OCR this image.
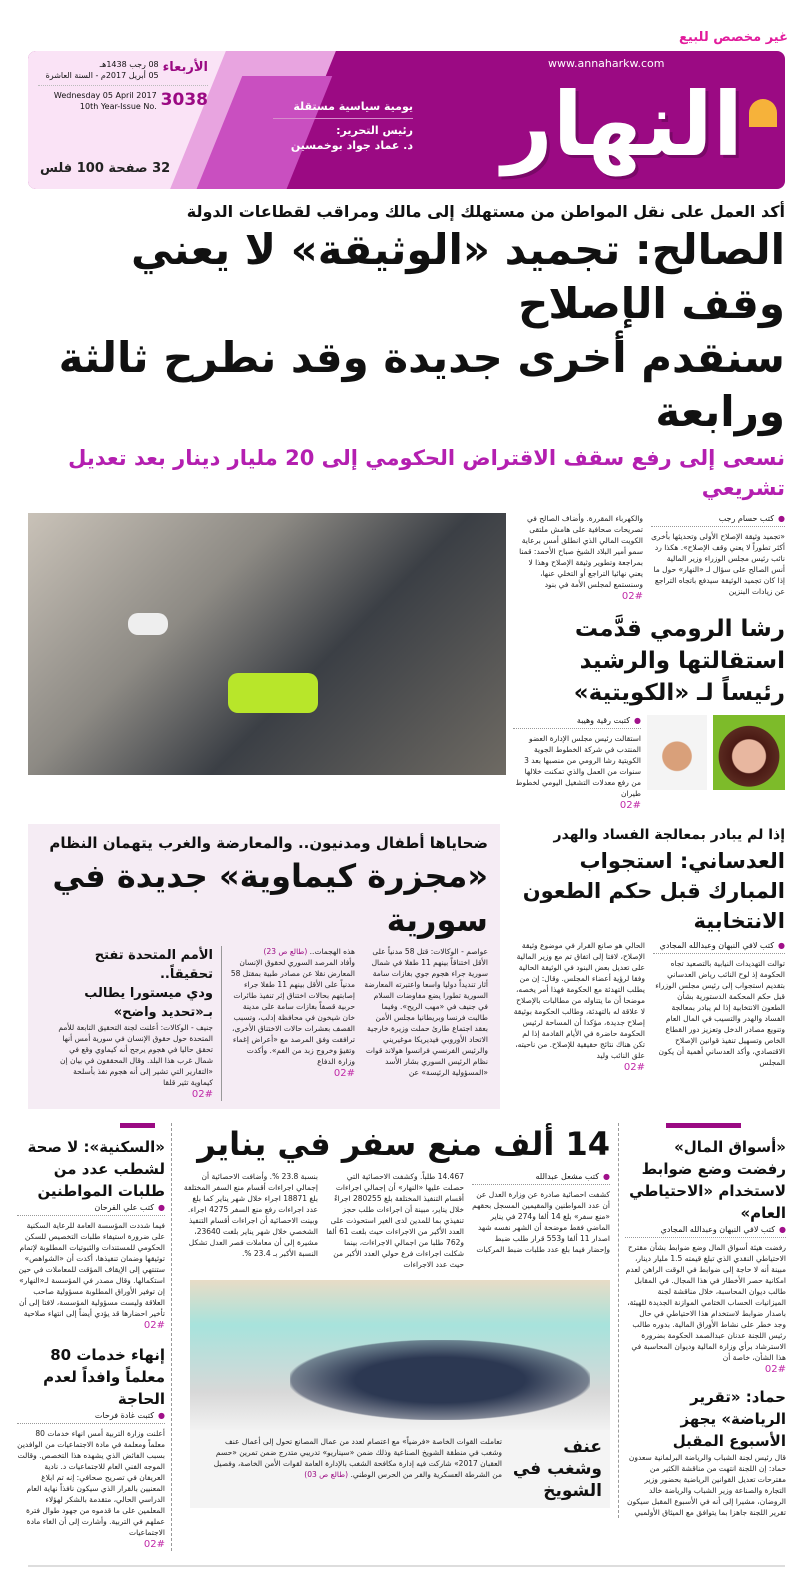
غير مخصص للبيع
النهار
www.annaharkw.com
يومية سياسية مستقلة
رئيس التحرير:
د. عماد جواد بوخمسين
الأربعاء
08 رجب 1438هـ
05 أبريل 2017م - السنة العاشرة
3038
Wednesday 05 April 2017
10th Year-Issue No.
32 صفحة 100 فلس
أكد العمل على نقل المواطن من مستهلك إلى مالك ومراقب لقطاعات الدولة
الصالح: تجميد «الوثيقة» لا يعني وقف الإصلاح
سنقدم أخرى جديدة وقد نطرح ثالثة ورابعة
نسعى إلى رفع سقف الاقتراض الحكومي إلى 20 مليار دينار بعد تعديل تشريعي
● كتب حسام رجب
«تجميد وثيقة الإصلاح الأولى وتحديثها بأخرى أكثر تطوراً لا يعني وقف الإصلاح». هكذا رد نائب رئيس مجلس الوزراء وزير المالية أنس الصالح على سؤال لـ «النهار» حول ما إذا كان تجميد الوثيقة سيدفع باتجاه التراجع عن زيادات البنزين
والكهرباء المقررة. وأضاف الصالح في تصريحات صحافية على هامش ملتقى الكويت المالي الذي انطلق أمس برعاية سمو أمير البلاد الشيخ صباح الأحمد: قمنا بمراجعة وتطوير وثيقة الإصلاح وهذا لا يعني نهائيا التراجع أو التخلي عنها، وسنستمع لمجلس الأمة في بنود
02#
رشا الرومي قدَّمت استقالتها والرشيد رئيساً لـ «الكويتية»
● كتبت رقية وهيبة
استقالت رئيس مجلس الإدارة العضو المنتدب في شركة الخطوط الجوية الكويتية رشا الرومي من منصبها بعد 3 سنوات من العمل والذي تمكنت خلالها من رفع معدلات التشغيل اليومي لخطوط طيران
02#
إذا لم يبادر بمعالجة الفساد والهدر
العدساني: استجواب المبارك قبل حكم الطعون الانتخابية
● كتب لافي النبهان وعبدالله المجادي
توالت التهديدات النيابية بالتصعيد تجاه الحكومة إذ لوح النائب رياض العدساني بتقديم استجواب إلى رئيس مجلس الوزراء قبل حكم المحكمة الدستورية بشأن الطعون الانتخابية إذا لم يبادر بمعالجة الفساد والهدر والتسيب في المال العام وتنويع مصادر الدخل وتعزيز دور القطاع الخاص وتسهيل تنفيذ قوانين الإصلاح الاقتصادي، وأكد العدساني أهمية أن يكون المجلس
الحالي هو صانع القرار في موضوع وثيقة الإصلاح، لافتا إلى اتفاق تم مع وزير المالية على تعديل بعض البنود في الوثيقة الحالية وفقا لرؤية أعضاء المجلس. وقال: إن من يطلب التهدئة مع الحكومة فهذا أمر يخصه، موضحا أن ما يتناوله من مطالبات بالإصلاح لا علاقة له بالتهدئة، وطالب الحكومة بوثيقة إصلاح جديدة، مؤكدا أن المساحة لرئيس الحكومة حاضرة في الأيام القادمة إذا لم تكن هناك نتائج حقيقية للإصلاح. من ناحيته، علق النائب وليد
02#
ضحاياها أطفال ومدنيون.. والمعارضة والغرب يتهمان النظام
«مجزرة كيماوية» جديدة في سورية
عواصم - الوكالات: قتل 58 مدنياً على الأقل اختناقاً بينهم 11 طفلا في شمال سورية جراء هجوم جوي بغازات سامة أثار تنديداً دوليا واسعا واعتبرته المعارضة السورية تطورا يضع مفاوضات السلام في جنيف في «مهب الريح». وفيما طالبت فرنسا وبريطانيا مجلس الأمن بعقد اجتماع طارئ حملت وزيرة خارجية الاتحاد الأوروبي فيديريكا موغيريني والرئيس الفرنسي فرانسوا هولاند قوات نظام الرئيس السوري بشار الأسد «المسؤولية الرئيسة» عن
هذه الهجمات.. (طالع ص 23)
وأفاد المرصد السوري لحقوق الإنسان المعارض نقلا عن مصادر طبية بمقتل 58 مدنياً على الأقل بينهم 11 طفلا جراء إصابتهم بحالات اختناق إثر تنفيذ طائرات حربية قصفاً بغازات سامة على مدينة خان شيخون في محافظة إدلب، وتسبب القصف بعشرات حالات الاختناق الأخرى، ترافقت وفق المرصد مع «أعراض إغماء وتقيؤ وخروج زبد من الفم». وأكدت وزارة الدفاع
02#
الأمم المتحدة تفتح تحقيقاً..
ودي ميستورا يطالب بـ«تحديد واضح»
جنيف - الوكالات: أعلنت لجنة التحقيق التابعة للأمم المتحدة حول حقوق الإنسان في سورية أمس أنها تحقق حاليا في هجوم يرجح أنه كيماوي وقع في شمال غرب هذا البلد. وقال المحققون في بيان إن «التقارير التي تشير إلى أنه هجوم نفذ بأسلحة كيماوية تثير قلقا
02#
«أسواق المال» رفضت وضع ضوابط لاستخدام «الاحتياطي العام»
● كتب لافي النبهان وعبدالله المجادي
رفضت هيئة أسواق المال وضع ضوابط بشأن مقترح الاحتياطي النقدي الذي تبلغ قيمته 1.5 مليار دينار، مبينة أنه لا حاجة إلى ضوابط في الوقت الراهن لعدم امكانية حصر الأخطار في هذا المجال. في المقابل طالب ديوان المحاسبة، خلال مناقشة لجنة الميزانيات الحساب الختامي الموازنة الجديدة للهيئة، باصدار ضوابط لاستخدام هذا الاحتياطي في حال وجد خطر على نشاط الأوراق المالية. بدوره طالب رئيس اللجنة عدنان عبدالصمد الحكومة بضرورة الاسترشاد برأي وزارة المالية وديوان المحاسبة في هذا الشأن، خاصة أن
02#
حماد: «تقرير الرياضة» يجهز الأسبوع المقبل
قال رئيس لجنة الشباب والرياضة البرلمانية سعدون حماد: إن اللجنة انتهت من مناقشة الكثير من مقترحات تعديل القوانين الرياضية بحضور وزير التجارة والصناعة وزير الشباب والرياضة خالد الروضان، مشيرا إلى أنه في الأسبوع المقبل سيكون تقرير اللجنة جاهزا بما يتوافق مع الميثاق الأولمبي
14 ألف منع سفر في يناير
● كتب مشعل عبدالله
كشفت احصائية صادرة عن وزارة العدل عن أن عدد المواطنين والمقيمين المسجل بحقهم «منع سفر» بلغ 14 ألفا و274 في يناير الماضي فقط موضحة أن الشهر نفسه شهد اصدار 11 ألفا و553 قرار طلب ضبط وإحضار فيما بلغ عدد طلبات ضبط المركبات
14.467 طلباً. وكشفت الاحصائية التي حصلت عليها «النهار» أن إجمالي اجراءات أقسام التنفيذ المختلفة بلغ 280255 اجراءً خلال يناير، مبينة أن اجراءات طلب حجز تنفيذي بما للمدين لدى الغير استحوذت على العدد الأكبر من الاجراءات حيث بلغت 61 ألفا و762 طلبا من اجمالي الاجراءات، بينما شكلت اجراءات فرع حولي العدد الأكبر من حيث عدد الاجراءات
بنسبة 23.8 %. وأضافت الاحصائية أن إجمالي اجراءات أقسام منع السفر المختلفة بلغ 18871 اجراء خلال شهر يناير كما بلغ عدد اجراءات رفع منع السفر 4275 اجراء. وبينت الاحصائية أن اجراءات أقسام التنفيذ الشخصي خلال شهر يناير بلغت 23640، مشيرة إلى أن معاملات قصر العدل تشكل النسبة الأكبر بـ 23.4 %.
عنف وشغب في الشويخ
تعاملت القوات الخاصة «فرضياً» مع اعتصام لعدد من عمال المصانع تحول إلى أعمال عنف وشغب في منطقة الشويخ الصناعية وذلك ضمن «سيناريو» تدريبي متدرج ضمن تمرين «حسم العقبان 2017» شاركت فيه إدارة مكافحة الشغب بالإدارة العامة لقوات الأمن الخاصة، وفصيل من الشرطة العسكرية والفر من الحرس الوطني. (طالع ص 03)
«السكنية»: لا صحة لشطب عدد من طلبات المواطنين
● كتب علي الفرحان
فيما شددت المؤسسة العامة للرعاية السكنية على ضرورة استيفاء طلبات التخصيص للسكن الحكومي للمستندات والثبوتيات المطلوبة لإتمام توثيقها وضمان تنفيذها، أكدت أن «الشواهص» ستنتهي إلى الإيقاف المؤقت للمعاملات في حين استكمالها. وقال مصدر في المؤسسة لـ«النهار» إن توفير الأوراق المطلوبة مسؤولية صاحب العلاقة وليست مسؤولية المؤسسة، لافتا إلى أن تأخير احضارها قد يؤدي أيضاً إلى انتهاء صلاحية
02#
إنهاء خدمات 80 معلماً وافداً لعدم الحاجة
● كتبت غادة فرحات
أعلنت وزارة التربية أمس انهاء خدمات 80 معلماً ومعلمة في مادة الاجتماعيات من الوافدين بسبب الفائض الذي يشهده هذا التخصص. وقالت الموجه الفني العام للاجتماعيات د. نادية العريفان في تصريح صحافي: إنه تم ابلاغ المعنيين بالقرار الذي سيكون نافذاً نهاية العام الدراسي الحالي، متقدمة بالشكر لهؤلاء المعلمين على ما قدموه من جهود طوال فترة عملهم في التربية. وأشارت إلى أن الغاء مادة الاجتماعيات
02#
